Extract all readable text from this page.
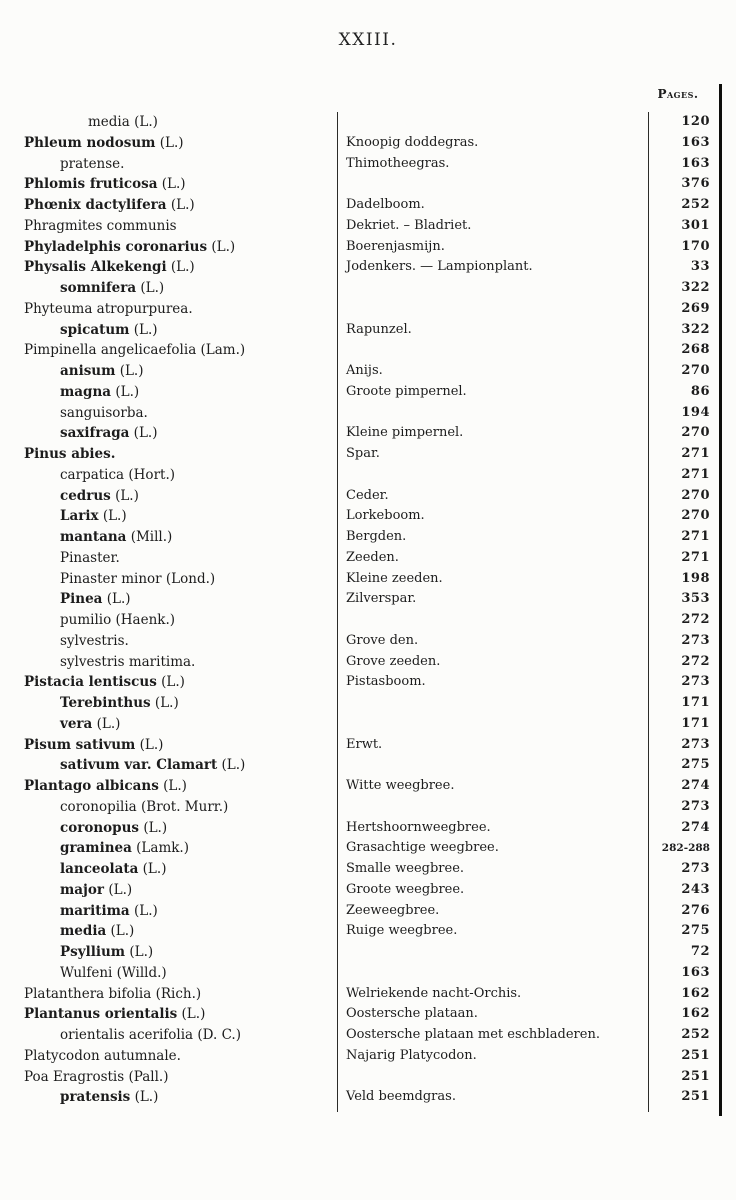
XXIII.
Pages.
media (L.)	120
Phleum nodosum (L.)	Knoopig doddegras.	163
pratense.	Thimotheegras.	163
Phlomis fruticosa (L.)	376
Phœnix dactylifera (L.)	Dadelboom.	252
Phragmites communis	Dekriet. – Bladriet.	301
Phyladelphis coronarius (L.)	Boerenjasmijn.	170
Physalis Alkekengi (L.)	Jodenkers. — Lampionplant.	33
somnifera (L.)	322
Phyteuma atropurpurea.	269
spicatum (L.)	Rapunzel.	322
Pimpinella angelicaefolia (Lam.)	268
anisum (L.)	Anijs.	270
magna (L.)	Groote pimpernel.	86
sanguisorba.	194
saxifraga (L.)	Kleine pimpernel.	270
Pinus abies.	Spar.	271
carpatica (Hort.)	271
cedrus (L.)	Ceder.	270
Larix (L.)	Lorkeboom.	270
mantana (Mill.)	Bergden.	271
Pinaster.	Zeeden.	271
Pinaster minor (Lond.)	Kleine zeeden.	198
Pinea (L.)	Zilverspar.	353
pumilio (Haenk.)	272
sylvestris.	Grove den.	273
sylvestris maritima.	Grove zeeden.	272
Pistacia lentiscus (L.)	Pistasboom.	273
Terebinthus (L.)	171
vera (L.)	171
Pisum sativum (L.)	Erwt.	273
sativum var. Clamart (L.)	275
Plantago albicans (L.)	Witte weegbree.	274
coronopilia (Brot. Murr.)	273
coronopus (L.)	Hertshoornweegbree.	274
graminea (Lamk.)	Grasachtige weegbree.	282-288
lanceolata (L.)	Smalle weegbree.	273
major (L.)	Groote weegbree.	243
maritima (L.)	Zeeweegbree.	276
media (L.)	Ruige weegbree.	275
Psyllium (L.)	72
Wulfeni (Willd.)	163
Platanthera bifolia (Rich.)	Welriekende nacht-Orchis.	162
Plantanus orientalis (L.)	Oostersche plataan.	162
orientalis acerifolia (D. C.)	Oostersche plataan met eschbladeren.	252
Platycodon autumnale.	Najarig Platycodon.	251
Poa Eragrostis (Pall.)	251
pratensis (L.)	Veld beemdgras.	251
